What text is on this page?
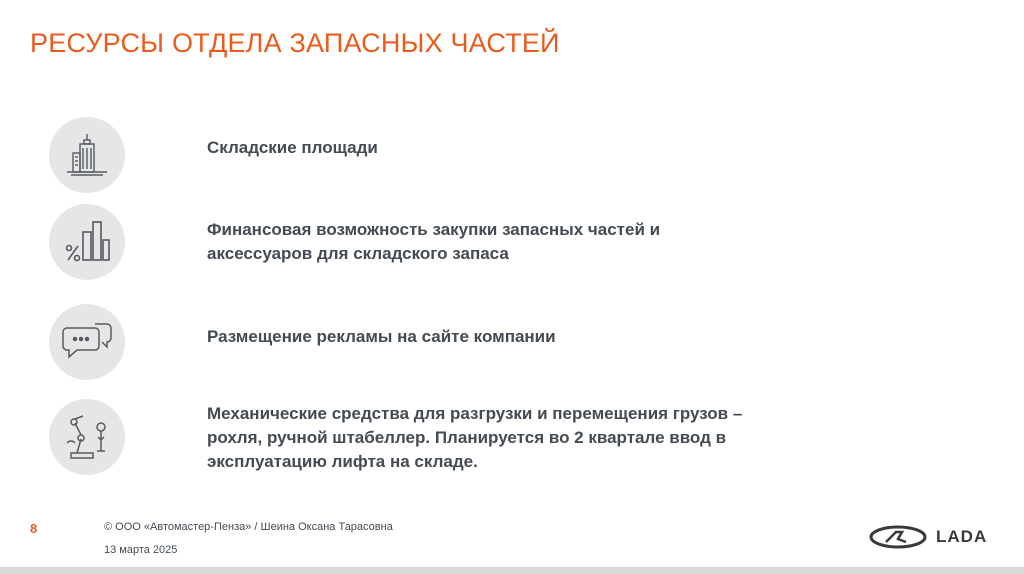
РЕСУРСЫ ОТДЕЛА ЗАПАСНЫХ ЧАСТЕЙ
Складские площади
Финансовая возможность закупки запасных частей и
аксессуаров для складского запаса
Размещение рекламы на сайте компании
Механические средства для разгрузки и перемещения грузов –
рохля, ручной штабеллер. Планируется во 2 квартале ввод в
эксплуатацию лифта на складе.
8	© ООО «Автомастер-Пенза» / Шеина Оксана Тарасовна
13 марта 2025
LADA
